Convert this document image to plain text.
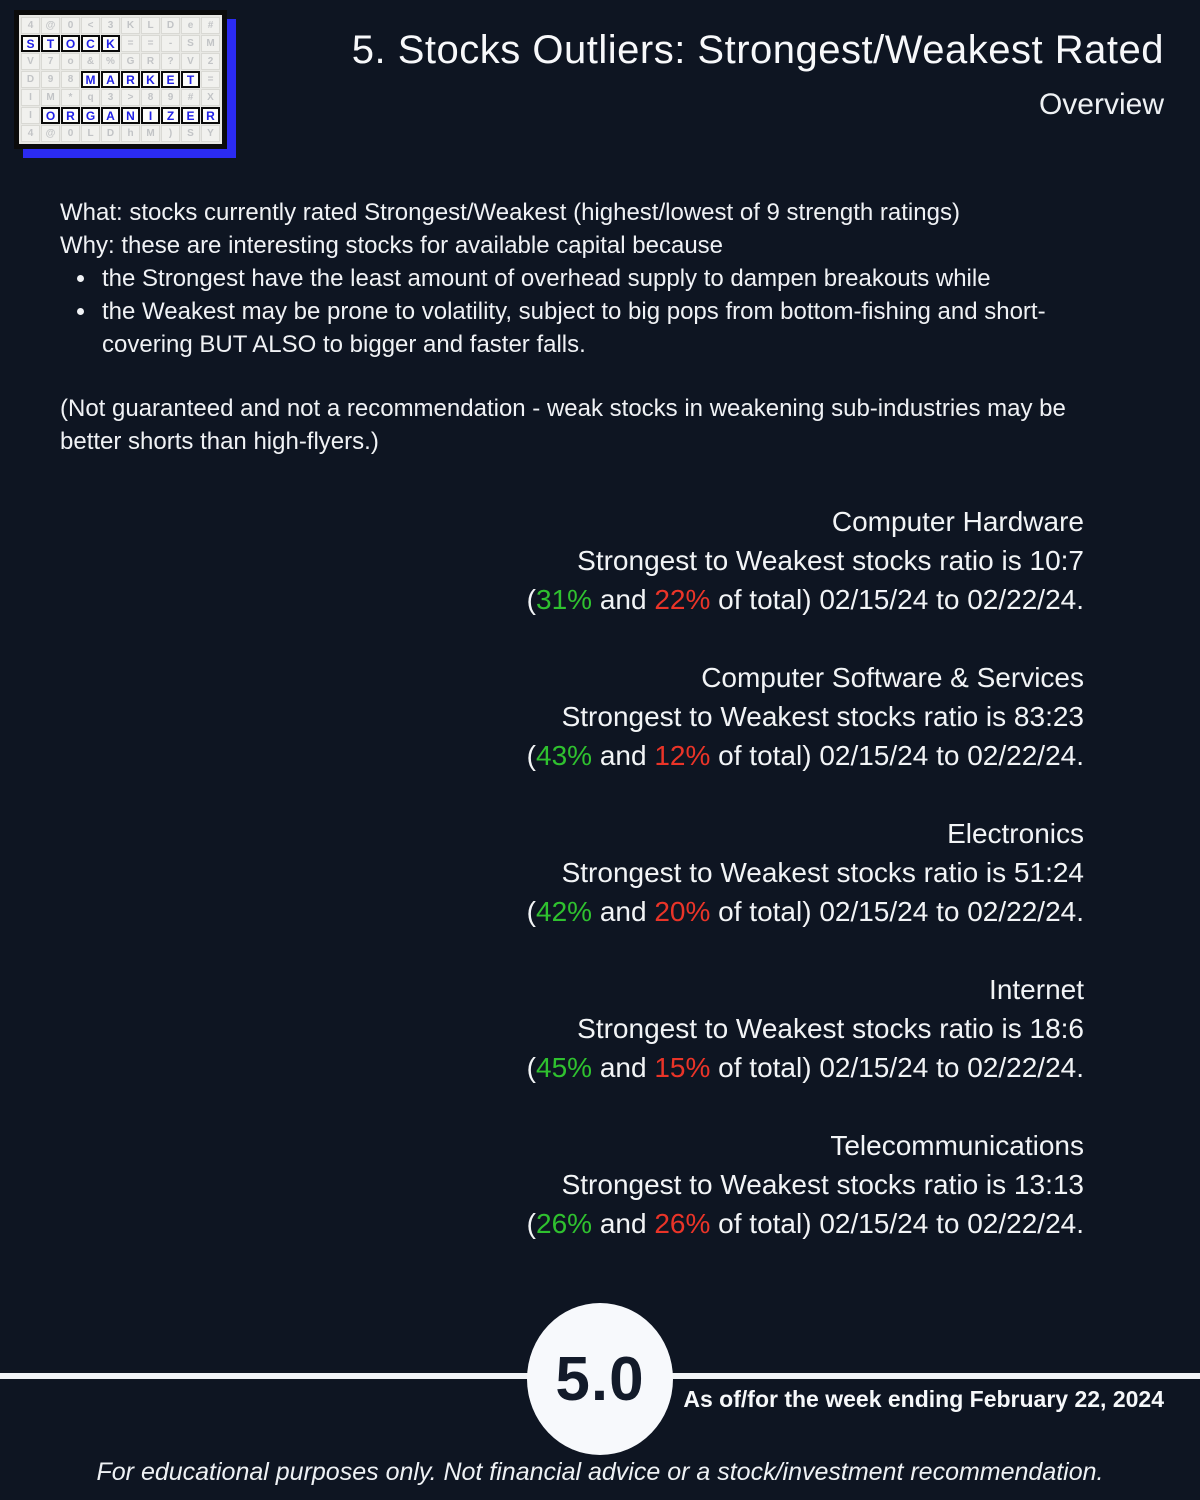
4	@	0	<	3	K	L	D	e	#
S	T O C K	=	=	-	S	M
V	7	o	&	%	G	R	?	V	2
D	9	8	M A R K E	T	=
I	M	*	q	3	>	8	9	#	X
I	O R G A N	I	Z	E R
4	@	0	L	D	h	M	)	S	Y
5. Stocks Outliers: Strongest/Weakest Rated
Overview

What: stocks currently rated Strongest/Weakest (highest/lowest of 9 strength ratings)

Why: these are interesting stocks for available capital because

• the Strongest have the least amount of overhead supply to dampen breakouts while
• the Weakest may be prone to volatility, subject to big pops from bottom-fishing and short-covering BUT ALSO to bigger and faster falls.

(Not guaranteed and not a recommendation - weak stocks in weakening sub-industries may be better shorts than high-flyers.)

Computer Hardware
Strongest to Weakest stocks ratio is 10:7
(31% and 22% of total) 02/15/24 to 02/22/24.
Computer Software & Services
Strongest to Weakest stocks ratio is 83:23
(43% and 12% of total) 02/15/24 to 02/22/24.
Electronics
Strongest to Weakest stocks ratio is 51:24
(42% and 20% of total) 02/15/24 to 02/22/24.
Internet
Strongest to Weakest stocks ratio is 18:6
(45% and 15% of total) 02/15/24 to 02/22/24.
Telecommunications
Strongest to Weakest stocks ratio is 13:13
(26% and 26% of total) 02/15/24 to 02/22/24.
5.0 As of/for the week ending February 22, 2024
For educational purposes only. Not financial advice or a stock/investment recommendation.
